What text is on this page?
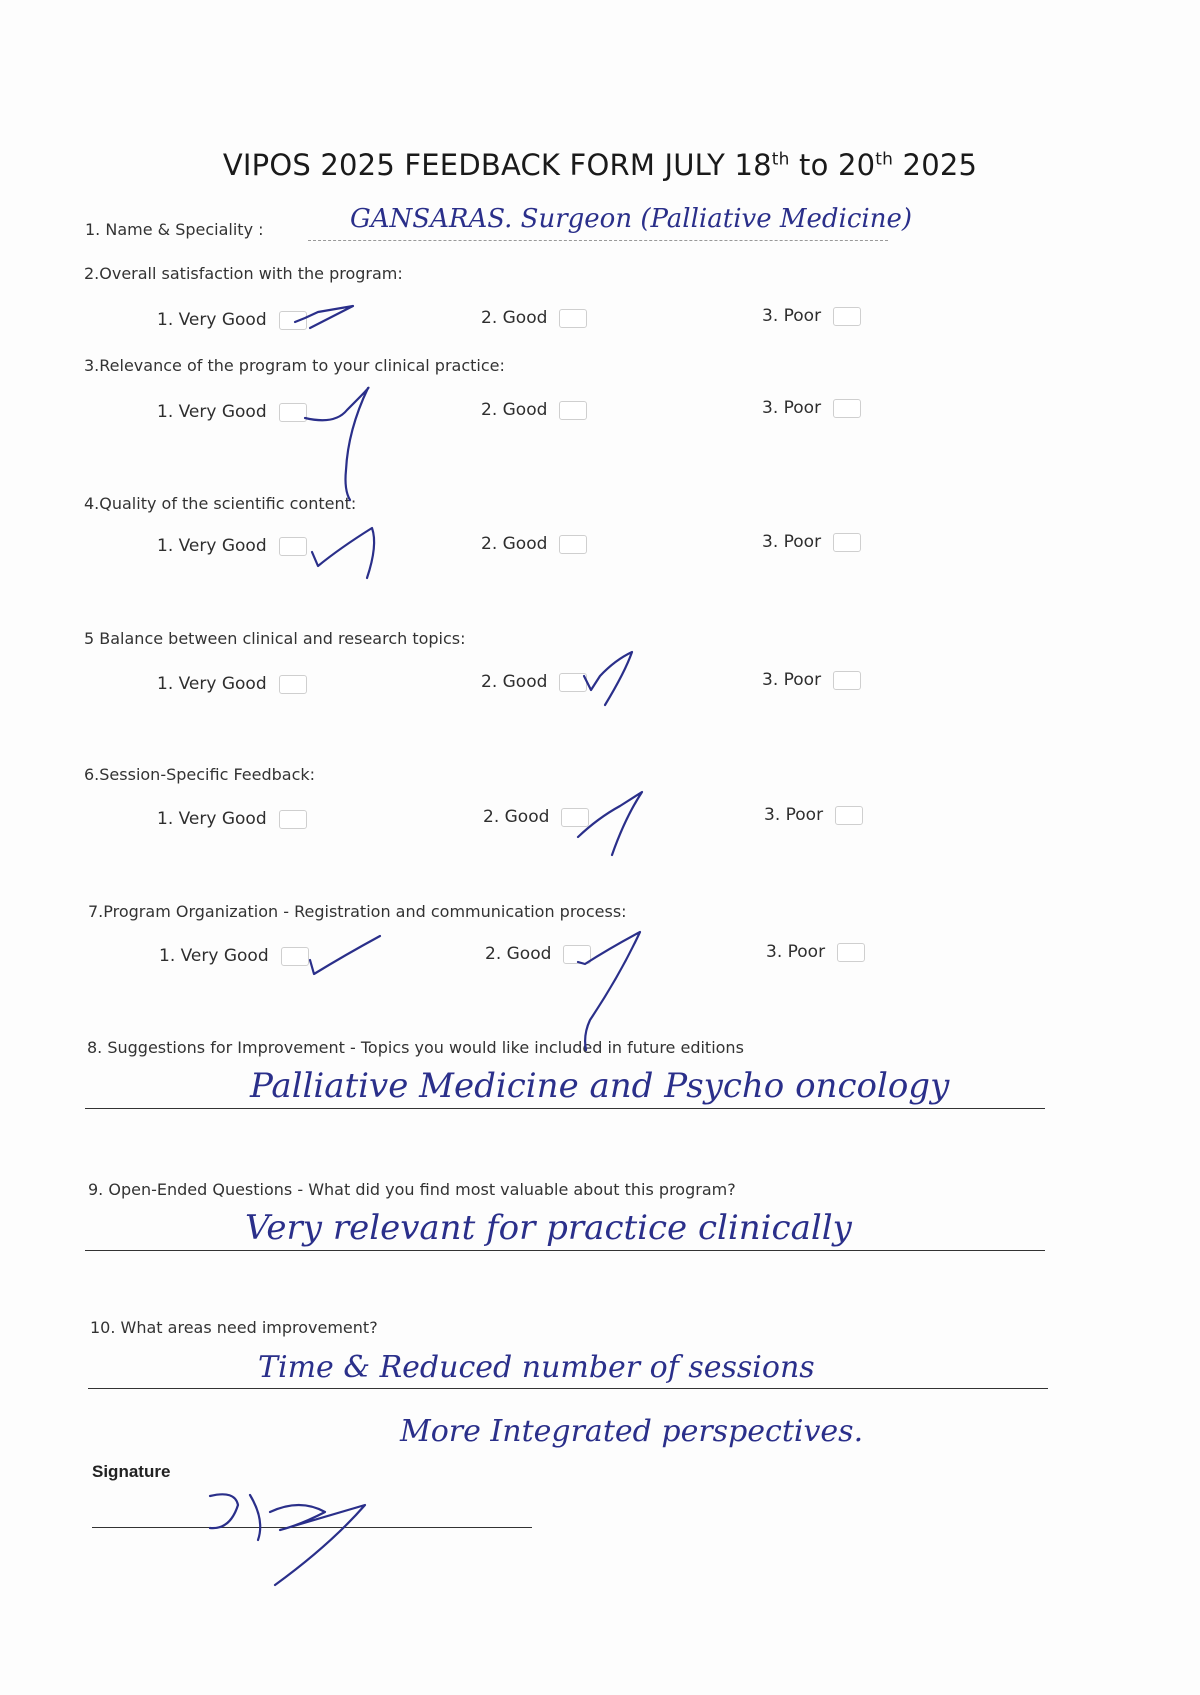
VIPOS 2025 FEEDBACK FORM JULY 18th to 20th 2025
1. Name & Speciality :	GANSARAS. Surgeon (Palliative Medicine)
2.Overall satisfaction with the program:
1. Very Good	2. Good	3. Poor
3.Relevance of the program to your clinical practice:
1. Very Good	2. Good	3. Poor
4.Quality of the scientific content:
1. Very Good	2. Good	3. Poor
5 Balance between clinical and research topics:
1. Very Good	2. Good	3. Poor
6.Session-Specific Feedback:
1. Very Good	2. Good	3. Poor
7.Program Organization - Registration and communication process:
1. Very Good	2. Good	3. Poor
8. Suggestions for Improvement - Topics you would like included in future editions
Palliative Medicine and Psycho oncology
9. Open-Ended Questions - What did you find most valuable about this program?
Very relevant for practice clinically
10. What areas need improvement?
Time & Reduced number of sessions
More Integrated perspectives.
Signature
